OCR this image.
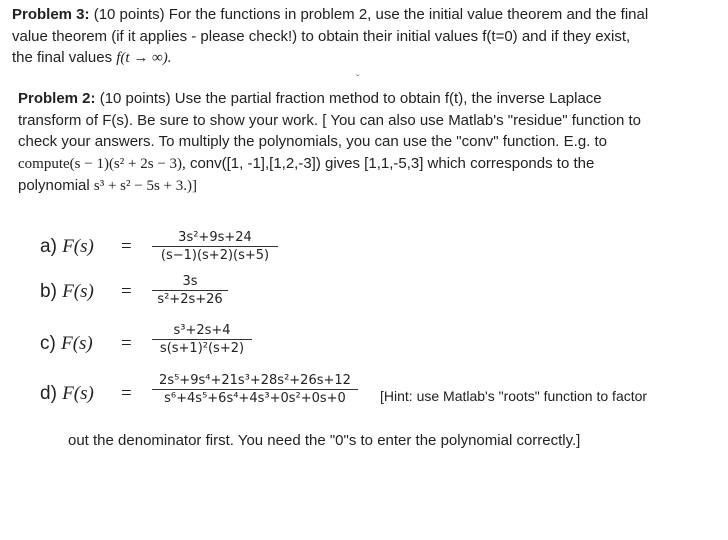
Problem 3: (10 points) For the functions in problem 2, use the initial value theorem and the final
value theorem (if it applies - please check!) to obtain their initial values f(t=0) and if they exist,
the final values f(t → ∞).
ˇ
Problem 2: (10 points) Use the partial fraction method to obtain f(t), the inverse Laplace
transform of F(s). Be sure to show your work. [ You can also use Matlab's "residue" function to
check your answers. To multiply the polynomials, you can use the "conv" function. E.g. to
compute(s − 1)(s² + 2s − 3), conv([1, -1],[1,2,-3]) gives [1,1,-5,3] which corresponds to the
polynomial s³ + s² − 5s + 3.)]
a) F(s) =	3s²+9s+24
(s−1)(s+2)(s+5)
b) F(s) =	3s
s²+2s+26
c) F(s) =
s³+2s+4
s(s+1)²(s+2)
d) F(s) =
2s⁵+9s⁴+21s³+28s²+26s+12
s⁶+4s⁵+6s⁴+4s³+0s²+0s+0	[Hint: use Matlab's "roots" function to factor
out the denominator first. You need the "0"s to enter the polynomial correctly.]
